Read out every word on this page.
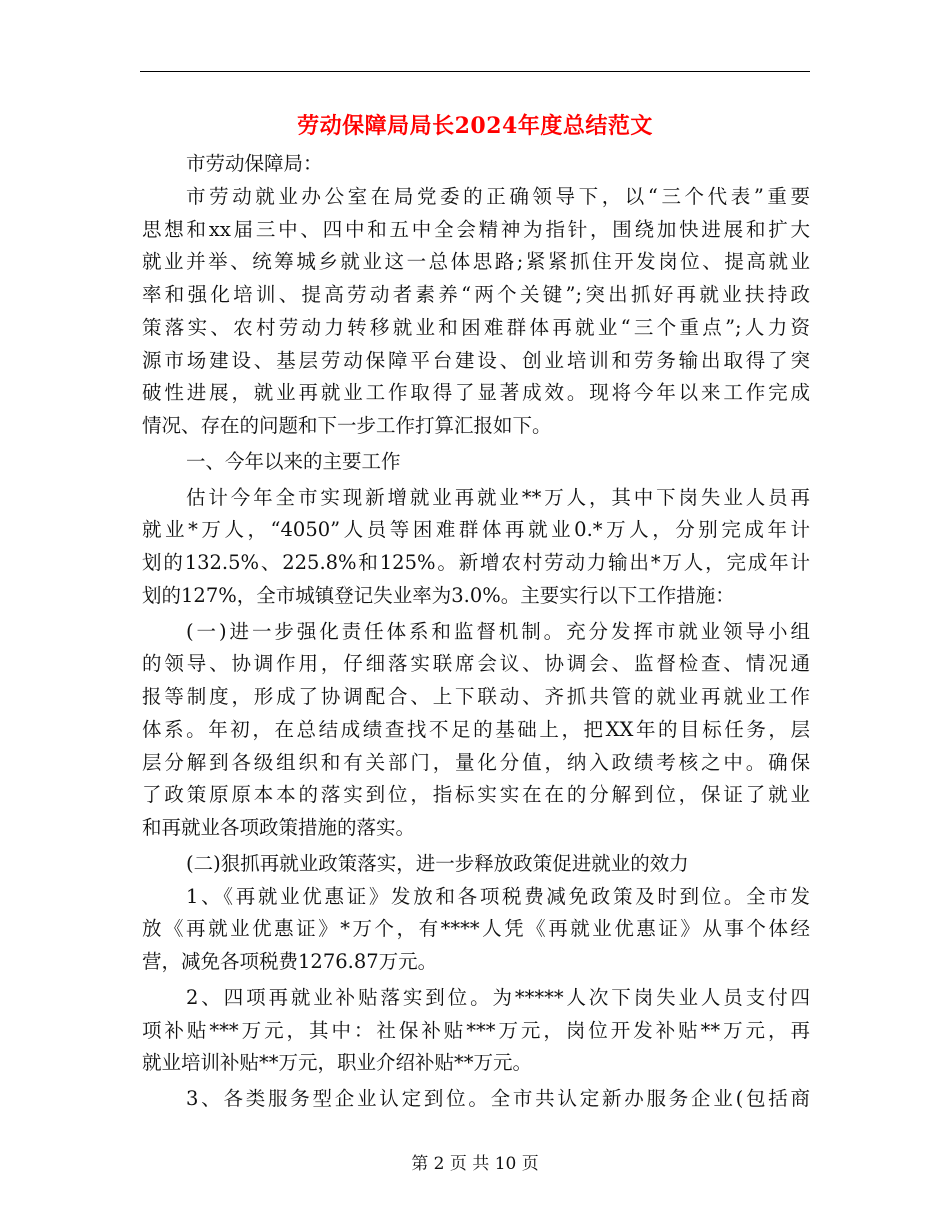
劳动保障局局长2024年度总结范文
市劳动保障局：
市劳动就业办公室在局党委的正确领导下，以“三个代表”重要
思想和xx届三中、四中和五中全会精神为指针，围绕加快进展和扩大
就业并举、统筹城乡就业这一总体思路;紧紧抓住开发岗位、提高就业
率和强化培训、提高劳动者素养“两个关键”;突出抓好再就业扶持政
策落实、农村劳动力转移就业和困难群体再就业“三个重点”;人力资
源市场建设、基层劳动保障平台建设、创业培训和劳务输出取得了突
破性进展，就业再就业工作取得了显著成效。现将今年以来工作完成
情况、存在的问题和下一步工作打算汇报如下。
一、今年以来的主要工作
估计今年全市实现新增就业再就业**万人，其中下岗失业人员再
就业*万人，“4050”人员等困难群体再就业0.*万人，分别完成年计
划的132.5%、225.8%和125%。新增农村劳动力输出*万人，完成年计
划的127%，全市城镇登记失业率为3.0%。主要实行以下工作措施：
(一)进一步强化责任体系和监督机制。充分发挥市就业领导小组
的领导、协调作用，仔细落实联席会议、协调会、监督检查、情况通
报等制度，形成了协调配合、上下联动、齐抓共管的就业再就业工作
体系。年初，在总结成绩查找不足的基础上，把XX年的目标任务，层
层分解到各级组织和有关部门，量化分值，纳入政绩考核之中。确保
了政策原原本本的落实到位，指标实实在在的分解到位，保证了就业
和再就业各项政策措施的落实。
(二)狠抓再就业政策落实，进一步释放政策促进就业的效力
1、《再就业优惠证》发放和各项税费减免政策及时到位。全市发
放《再就业优惠证》*万个，有****人凭《再就业优惠证》从事个体经
营，减免各项税费1276.87万元。
2、四项再就业补贴落实到位。为*****人次下岗失业人员支付四
项补贴***万元，其中：社保补贴***万元，岗位开发补贴**万元，再
就业培训补贴**万元，职业介绍补贴**万元。
3、各类服务型企业认定到位。全市共认定新办服务企业(包括商
第 2 页 共 10 页
